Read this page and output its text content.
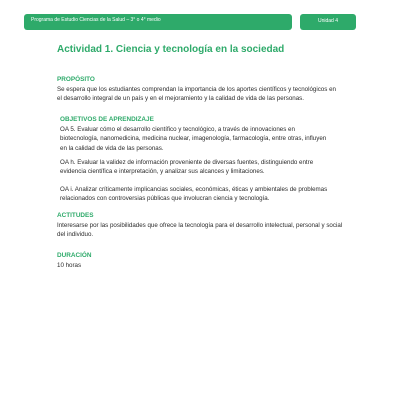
Programa de Estudio Ciencias de la Salud – 3° o 4° medio	Unidad 4
Actividad 1. Ciencia y tecnología en la sociedad
PROPÓSITO
Se espera que los estudiantes comprendan la importancia de los aportes científicos y tecnológicos en
el desarrollo integral de un país y en el mejoramiento y la calidad de vida de las personas.
OBJETIVOS DE APRENDIZAJE
OA 5. Evaluar cómo el desarrollo científico y tecnológico, a través de innovaciones en
biotecnología, nanomedicina, medicina nuclear, imagenología, farmacología, entre otras, influyen
en la calidad de vida de las personas.
OA h. Evaluar la validez de información proveniente de diversas fuentes, distinguiendo entre
evidencia científica e interpretación, y analizar sus alcances y limitaciones.
OA i. Analizar críticamente implicancias sociales, económicas, éticas y ambientales de problemas
relacionados con controversias públicas que involucran ciencia y tecnología.
ACTITUDES
Interesarse por las posibilidades que ofrece la tecnología para el desarrollo intelectual, personal y social
del individuo.
DURACIÓN
10 horas
